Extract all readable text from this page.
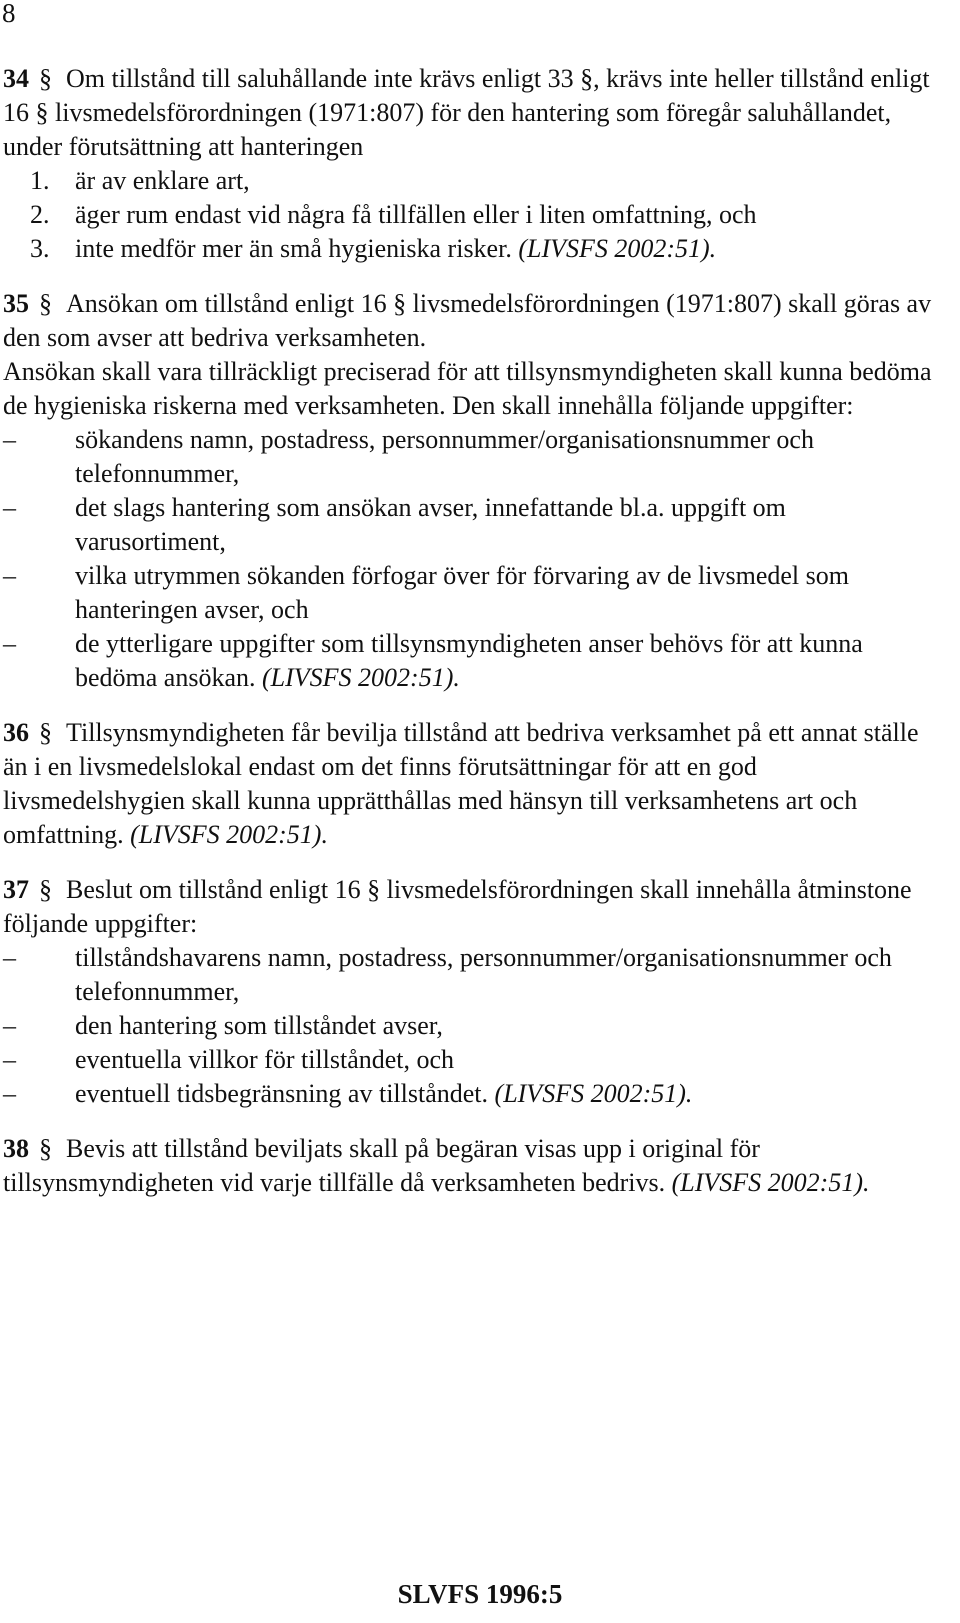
8

34 § Om tillstånd till saluhållande inte krävs enligt 33 §, krävs inte heller tillstånd enligt 16 § livsmedelsförordningen (1971:807) för den hantering som föregår saluhållandet, under förutsättning att hanteringen

1. är av enklare art,
2. äger rum endast vid några få tillfällen eller i liten omfattning, och
3. inte medför mer än små hygieniska risker. (LIVSFS 2002:51).

35 § Ansökan om tillstånd enligt 16 § livsmedelsförordningen (1971:807) skall göras av den som avser att bedriva verksamheten.

Ansökan skall vara tillräckligt preciserad för att tillsynsmyndigheten skall kunna bedöma de hygieniska riskerna med verksamheten. Den skall innehålla följande uppgifter:

– sökandens namn, postadress, personnummer/organisationsnummer och telefonnummer,
– det slags hantering som ansökan avser, innefattande bl.a. uppgift om varusortiment,
– vilka utrymmen sökanden förfogar över för förvaring av de livsmedel som hanteringen avser, och
– de ytterligare uppgifter som tillsynsmyndigheten anser behövs för att kunna bedöma ansökan. (LIVSFS 2002:51).

36 § Tillsynsmyndigheten får bevilja tillstånd att bedriva verksamhet på ett annat ställe än i en livsmedelslokal endast om det finns förutsättningar för att en god livsmedelshygien skall kunna upprätthållas med hänsyn till verksamhetens art och omfattning. (LIVSFS 2002:51).

37 § Beslut om tillstånd enligt 16 § livsmedelsförordningen skall innehålla åtminstone följande uppgifter:

– tillståndshavarens namn, postadress, personnummer/organisationsnummer och telefonnummer,
– den hantering som tillståndet avser,
– eventuella villkor för tillståndet, och
– eventuell tidsbegränsning av tillståndet. (LIVSFS 2002:51).

38 § Bevis att tillstånd beviljats skall på begäran visas upp i original för tillsynsmyndigheten vid varje tillfälle då verksamheten bedrivs. (LIVSFS 2002:51).

SLVFS 1996:5
